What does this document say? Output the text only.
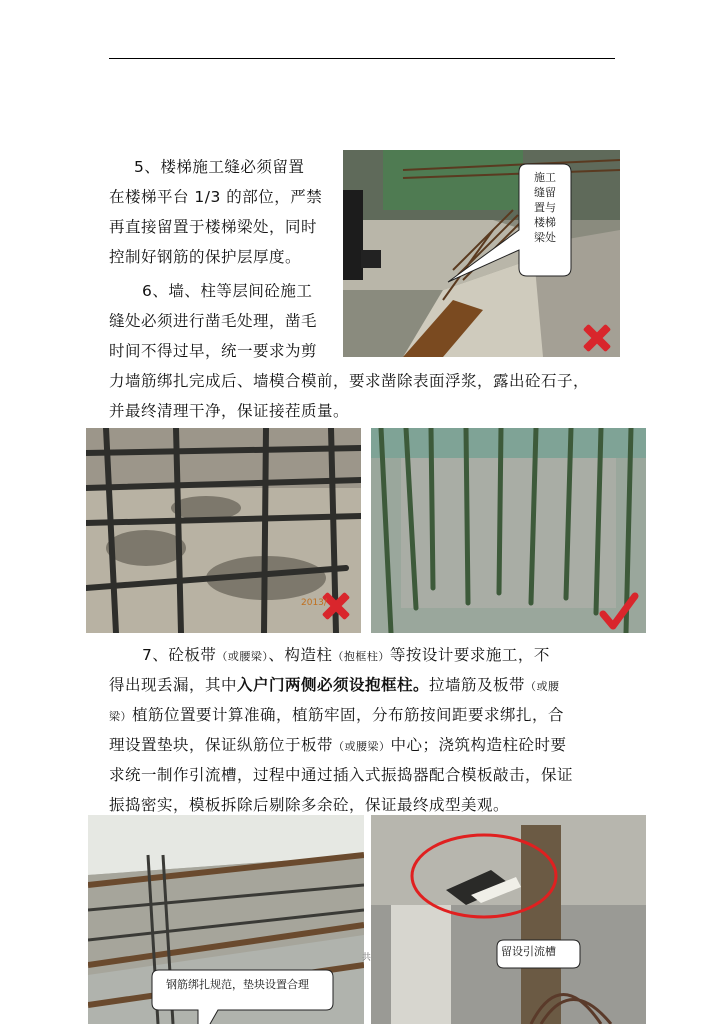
5、楼梯施工缝必须留置
在楼梯平台 1/3 的部位，严禁
再直接留置于楼梯梁处，同时
控制好钢筋的保护层厚度。
6、墙、柱等层间砼施工
缝处必须进行凿毛处理，凿毛
时间不得过早，统一要求为剪
力墙筋绑扎完成后、墙模合模前，要求凿除表面浮浆，露出砼石子，
并最终清理干净，保证接茬质量。
施工
缝留
置与
楼梯
梁处
2013/
7、砼板带（或腰梁）、构造柱（抱框柱）等按设计要求施工，不
得出现丢漏，其中入户门两侧必须设抱框柱。拉墙筋及板带（或腰
梁）植筋位置要计算准确，植筋牢固，分布筋按间距要求绑扎，合
理设置垫块，保证纵筋位于板带（或腰梁）中心；浇筑构造柱砼时要
求统一制作引流槽，过程中通过插入式振捣器配合模板敲击，保证
振捣密实，模板拆除后剔除多余砼，保证最终成型美观。
钢筋绑扎规范，垫块设置合理
留设引流槽
共
